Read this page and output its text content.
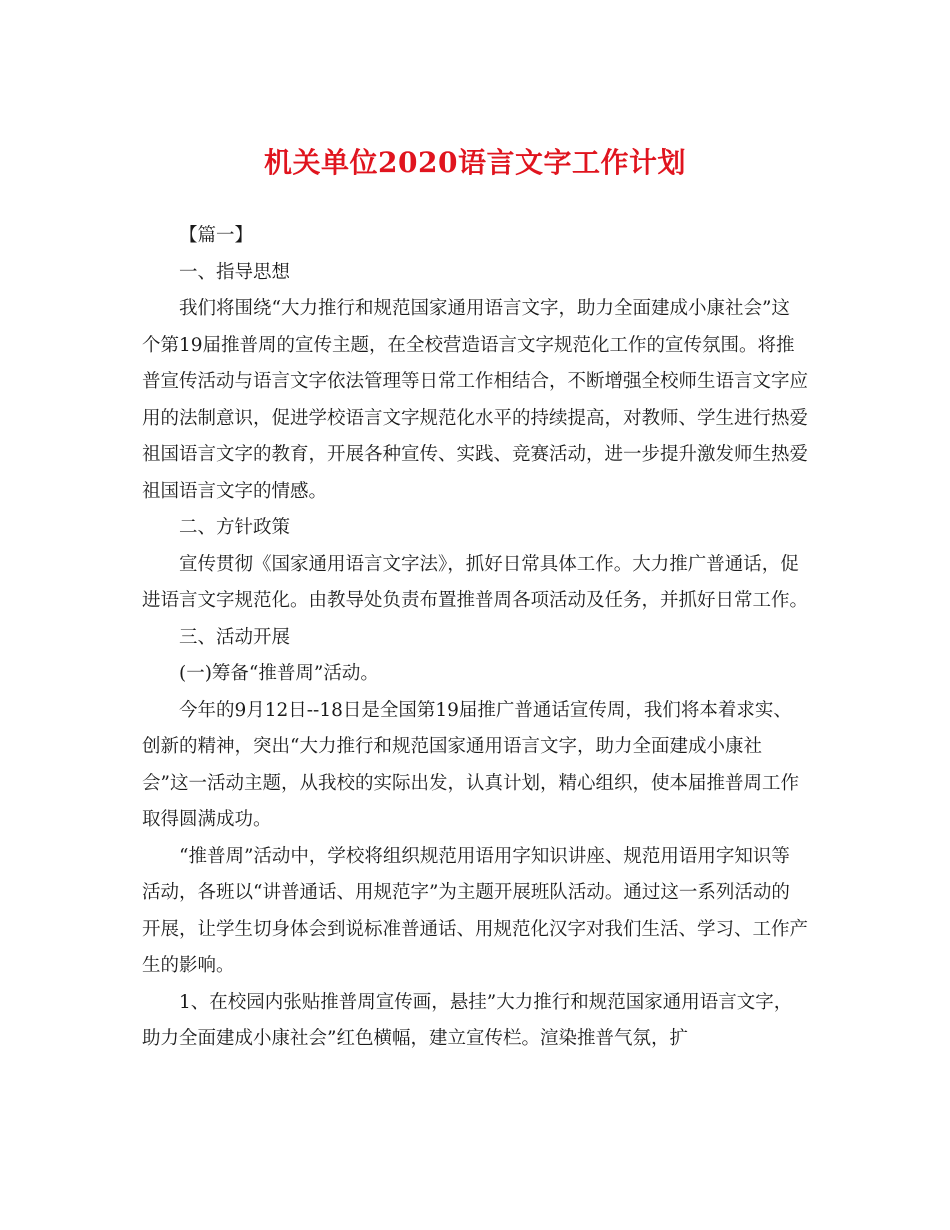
机关单位2020语言文字工作计划

【篇一】

一、指导思想

我们将围绕“大力推行和规范国家通用语言文字，助力全面建成小康社会”这个第19届推普周的宣传主题，在全校营造语言文字规范化工作的宣传氛围。将推普宣传活动与语言文字依法管理等日常工作相结合，不断增强全校师生语言文字应用的法制意识，促进学校语言文字规范化水平的持续提高，对教师、学生进行热爱祖国语言文字的教育，开展各种宣传、实践、竞赛活动，进一步提升激发师生热爱祖国语言文字的情感。

二、方针政策

宣传贯彻《国家通用语言文字法》，抓好日常具体工作。大力推广普通话，促进语言文字规范化。由教导处负责布置推普周各项活动及任务，并抓好日常工作。

三、活动开展

(一)筹备“推普周”活动。

今年的9月12日--18日是全国第19届推广普通话宣传周，我们将本着求实、创新的精神，突出“大力推行和规范国家通用语言文字，助力全面建成小康社会”这一活动主题，从我校的实际出发，认真计划，精心组织，使本届推普周工作取得圆满成功。

“推普周”活动中，学校将组织规范用语用字知识讲座、规范用语用字知识等活动，各班以“讲普通话、用规范字”为主题开展班队活动。通过这一系列活动的开展，让学生切身体会到说标准普通话、用规范化汉字对我们生活、学习、工作产生的影响。

1、在校园内张贴推普周宣传画，悬挂”大力推行和规范国家通用语言文字，助力全面建成小康社会”红色横幅，建立宣传栏。渲染推普气氛，扩
